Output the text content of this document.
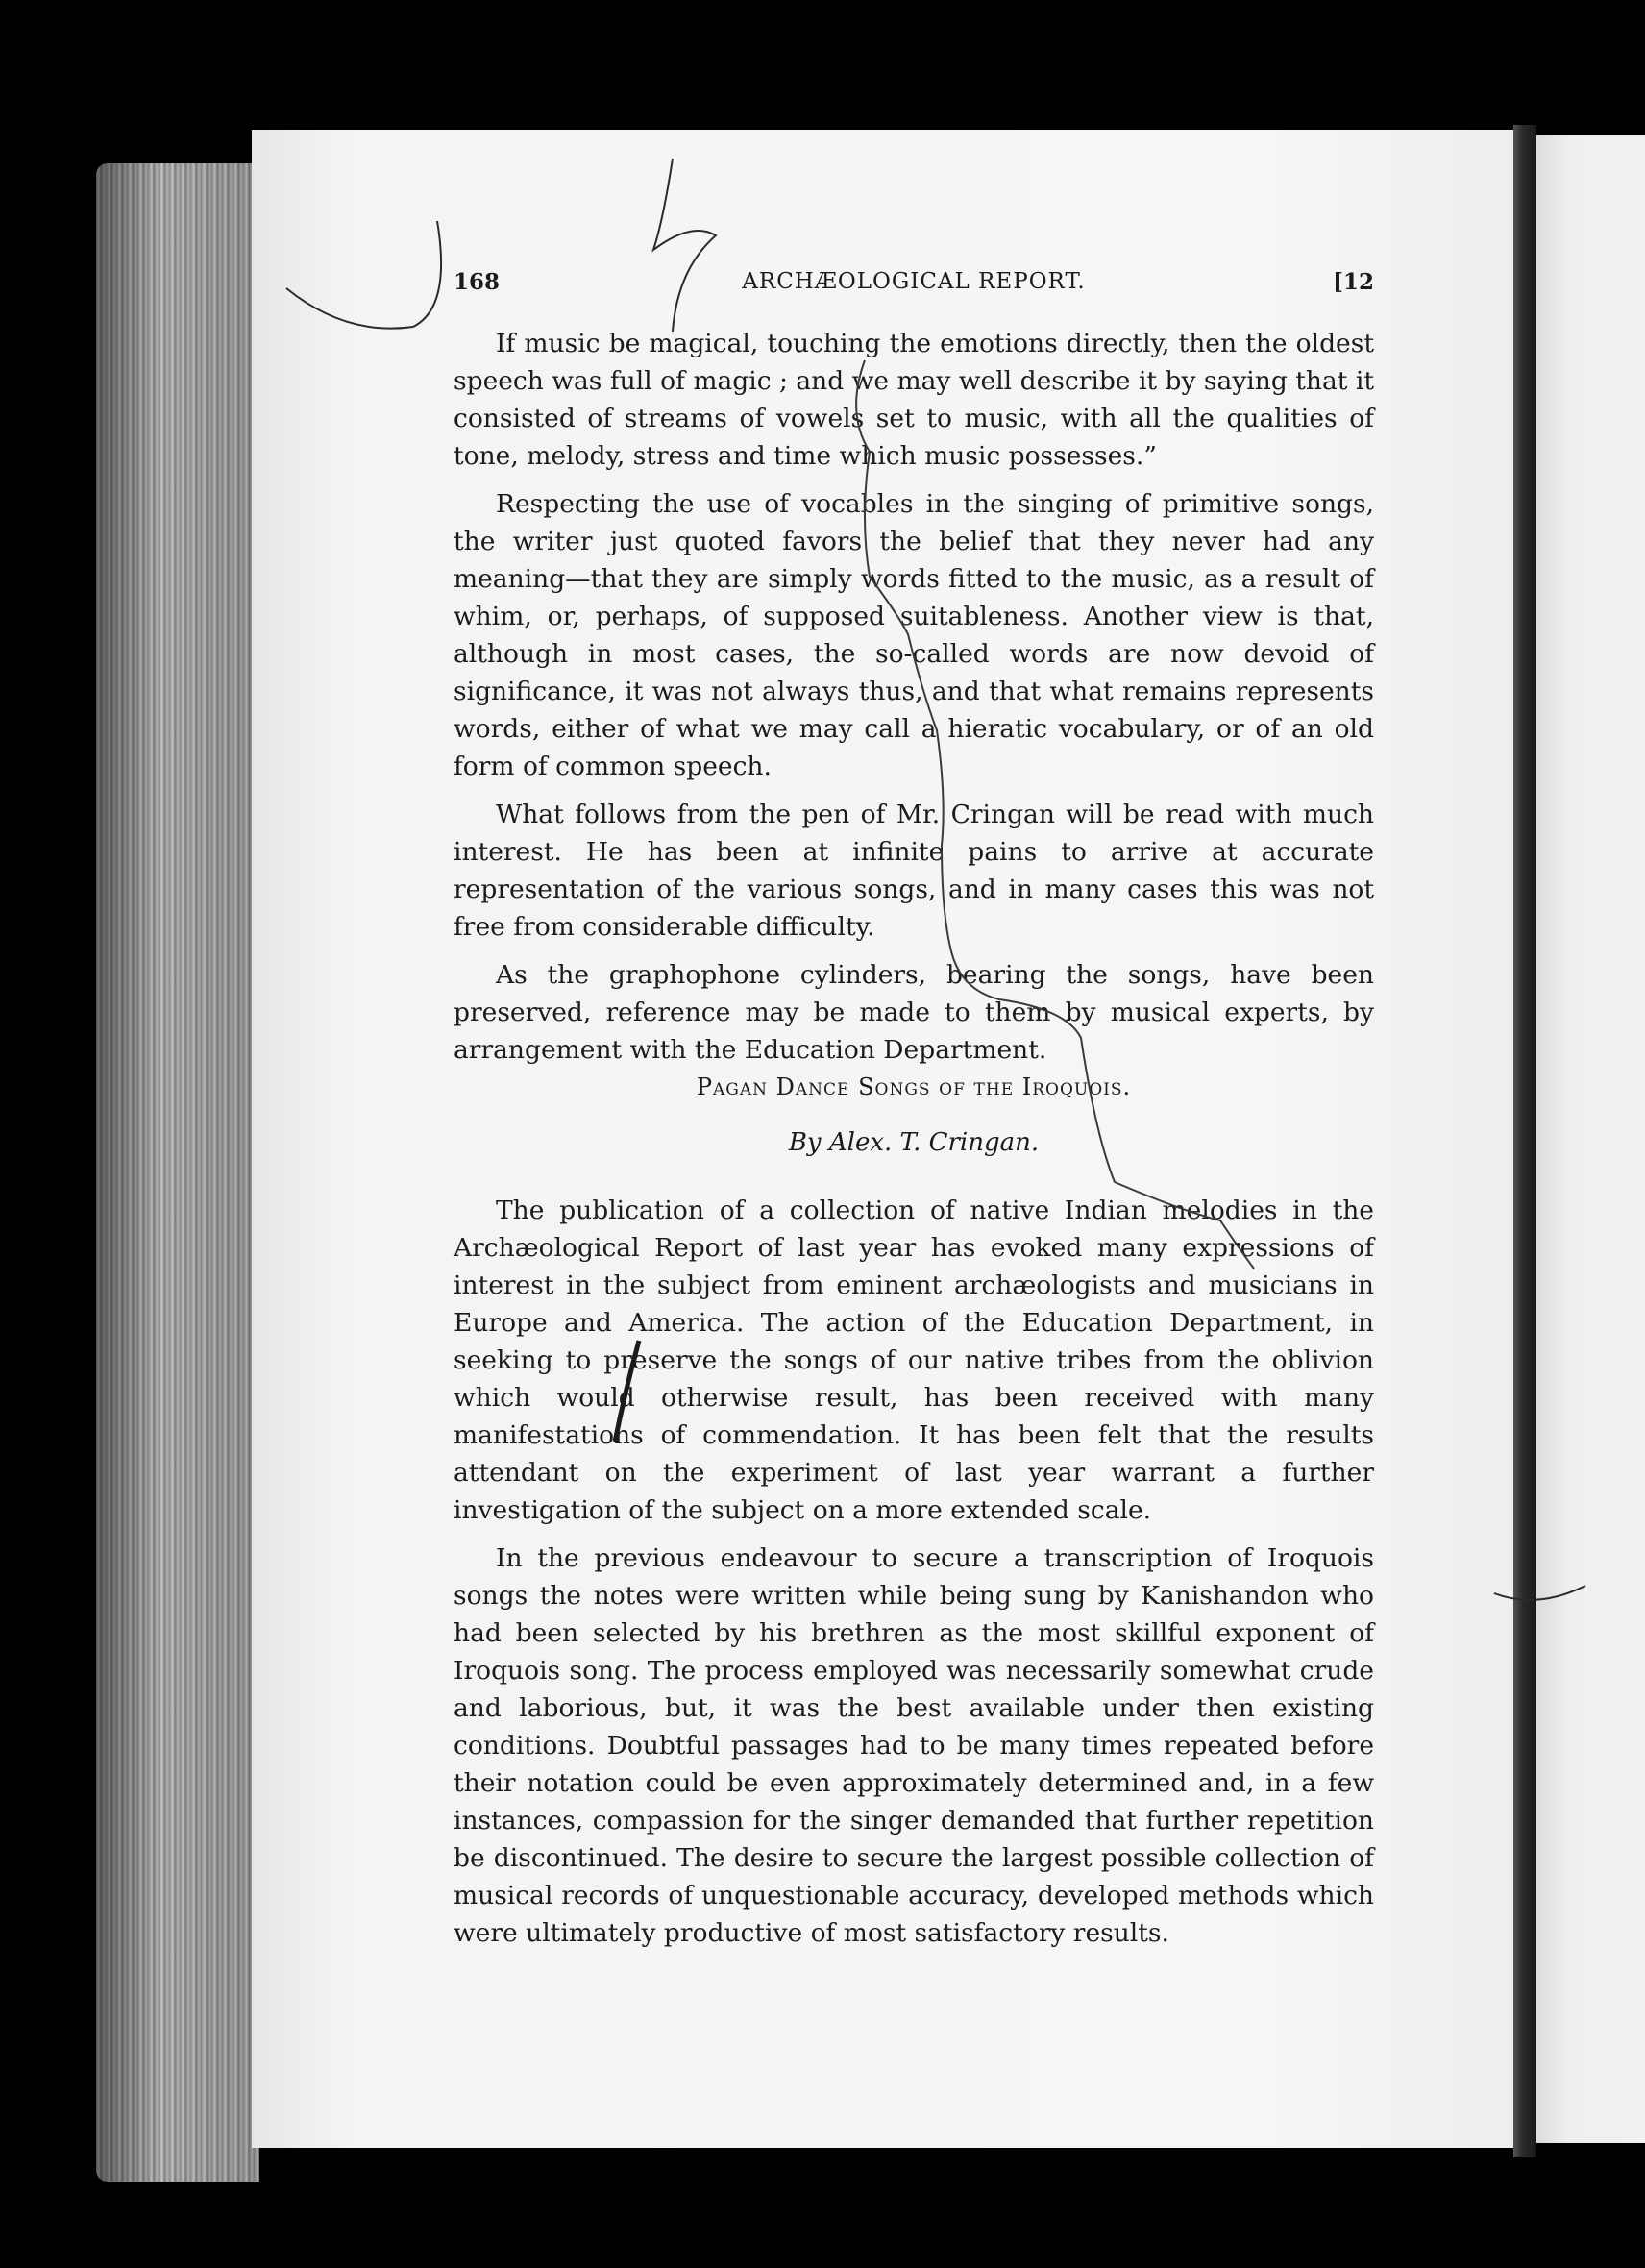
168	ARCHÆOLOGICAL REPORT.	[12

If music be magical, touching the emotions directly, then the oldest speech was full of magic ; and we may well describe it by saying that it consisted of streams of vowels set to music, with all the qualities of tone, melody, stress and time which music possesses.”

Respecting the use of vocables in the singing of primitive songs, the writer just quoted favors the belief that they never had any meaning—that they are simply words fitted to the music, as a result of whim, or, perhaps, of supposed suitableness. Another view is that, although in most cases, the so-called words are now devoid of significance, it was not always thus, and that what remains represents words, either of what we may call a hieratic vocabulary, or of an old form of common speech.

What follows from the pen of Mr. Cringan will be read with much interest. He has been at infinite pains to arrive at accurate representation of the various songs, and in many cases this was not free from considerable difficulty.

As the graphophone cylinders, bearing the songs, have been preserved, reference may be made to them by musical experts, by arrangement with the Education Department.

Pagan Dance Songs of the Iroquois.
By Alex. T. Cringan.

The publication of a collection of native Indian melodies in the Archæological Report of last year has evoked many expressions of interest in the subject from eminent archæologists and musicians in Europe and America. The action of the Education Department, in seeking to preserve the songs of our native tribes from the oblivion which would otherwise result, has been received with many manifestations of commendation. It has been felt that the results attendant on the experiment of last year warrant a further investigation of the subject on a more extended scale.

In the previous endeavour to secure a transcription of Iroquois songs the notes were written while being sung by Kanishandon who had been selected by his brethren as the most skillful exponent of Iroquois song. The process employed was necessarily somewhat crude and laborious, but, it was the best available under then existing conditions. Doubtful passages had to be many times repeated before their notation could be even approximately determined and, in a few instances, compassion for the singer demanded that further repetition be discontinued. The desire to secure the largest possible collection of musical records of unquestionable accuracy, developed methods which were ultimately productive of most satisfactory results.
